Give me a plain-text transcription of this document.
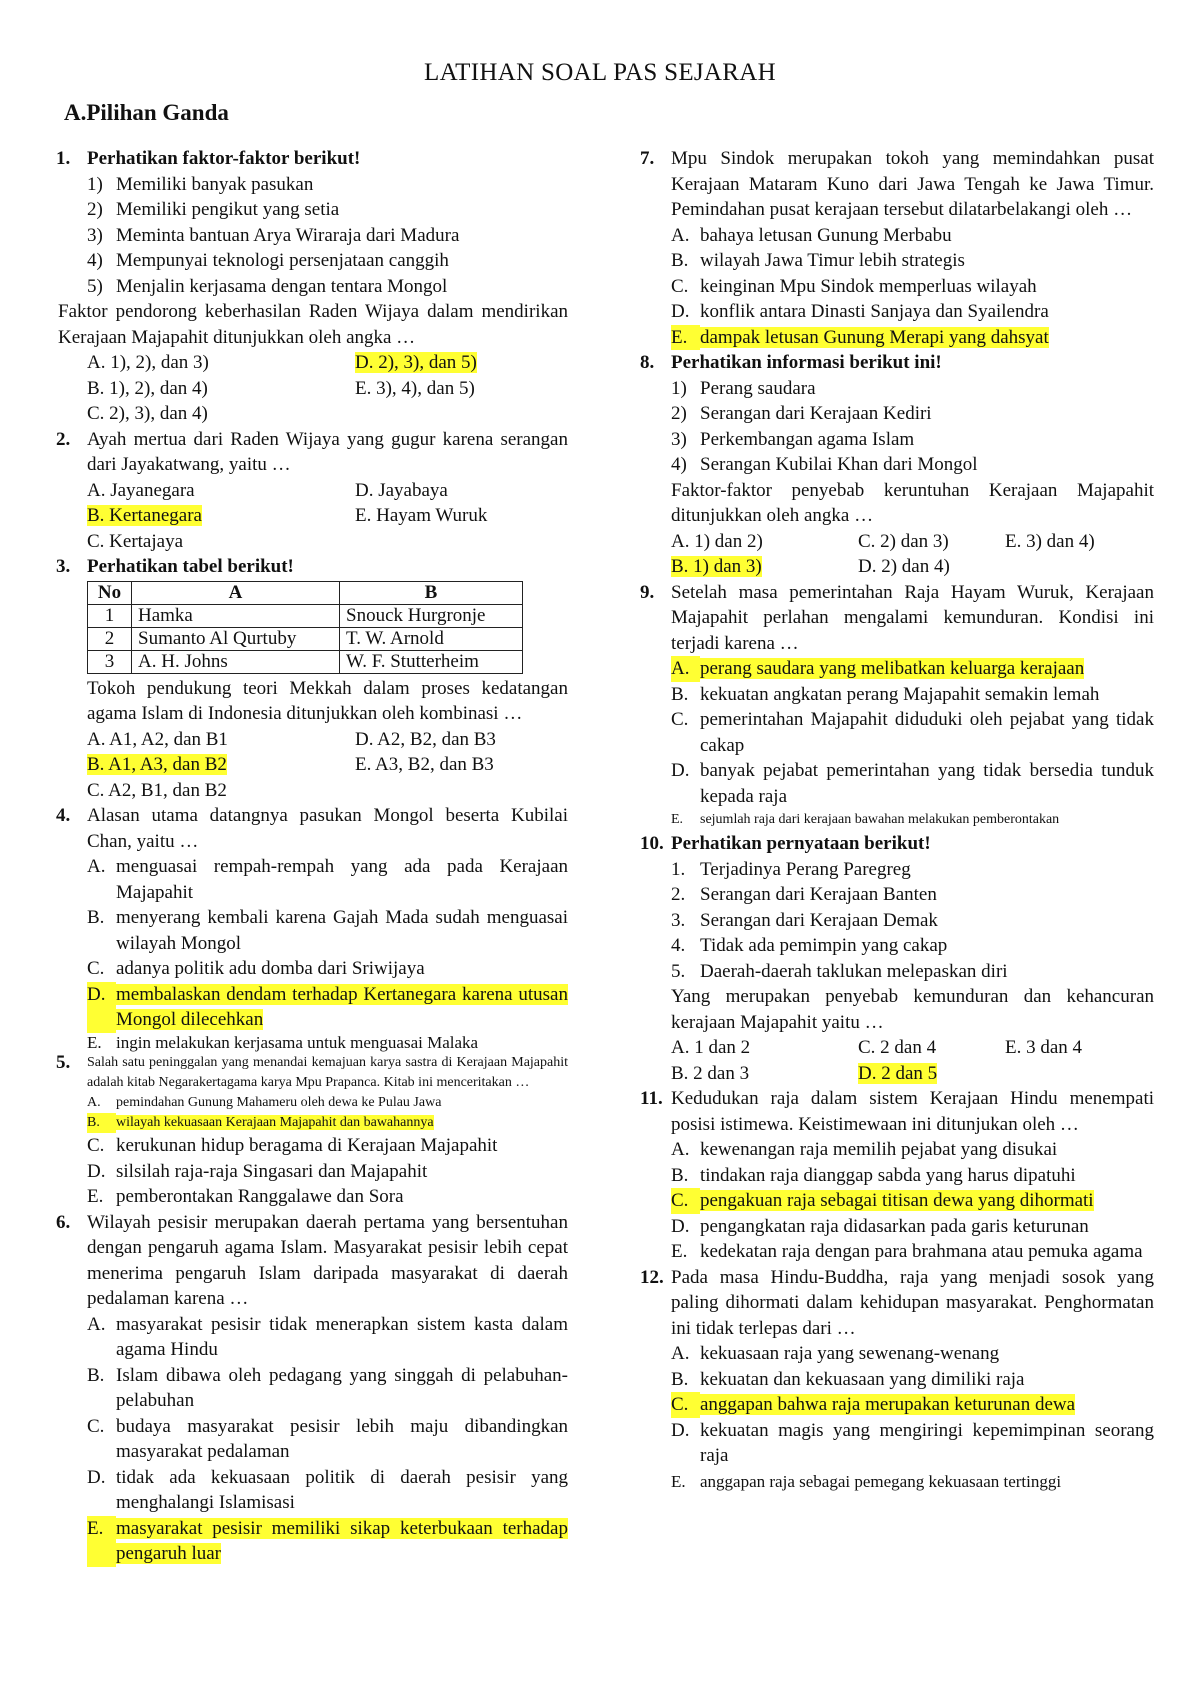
LATIHAN SOAL PAS SEJARAH
A.Pilihan Ganda
1. Perhatikan faktor-faktor berikut!
1) Memiliki banyak pasukan
2) Memiliki pengikut yang setia
3) Meminta bantuan Arya Wiraraja dari Madura
4) Mempunyai teknologi persenjataan canggih
5) Menjalin kerjasama dengan tentara Mongol
Faktor pendorong keberhasilan Raden Wijaya dalam mendirikan Kerajaan Majapahit ditunjukkan oleh angka …
A. 1), 2), dan 3)	D. 2), 3), dan 5)
B. 1), 2), dan 4)	E. 3), 4), dan 5)
C. 2), 3), dan 4)
2. Ayah mertua dari Raden Wijaya yang gugur karena serangan dari Jayakatwang, yaitu …
A. Jayanegara	D. Jayabaya
B. Kertanegara	E. Hayam Wuruk
C. Kertajaya
3. Perhatikan tabel berikut!
No	A	B
1	Hamka	Snouck Hurgronje
2	Sumanto Al Qurtuby	T. W. Arnold
3	A. H. Johns	W. F. Stutterheim
Tokoh pendukung teori Mekkah dalam proses kedatangan agama Islam di Indonesia ditunjukkan oleh kombinasi …
A. A1, A2, dan B1	D. A2, B2, dan B3
B. A1, A3, dan B2	E. A3, B2, dan B3
C. A2, B1, dan B2
4. Alasan utama datangnya pasukan Mongol beserta Kubilai Chan, yaitu …
A. menguasai rempah-rempah yang ada pada Kerajaan Majapahit
B. menyerang kembali karena Gajah Mada sudah menguasai wilayah Mongol
C. adanya politik adu domba dari Sriwijaya
D. membalaskan dendam terhadap Kertanegara karena utusan Mongol dilecehkan
E. ingin melakukan kerjasama untuk menguasai Malaka
5.	Salah satu peninggalan yang menandai kemajuan karya sastra di Kerajaan Majapahit adalah kitab Negarakertagama karya Mpu Prapanca. Kitab ini menceritakan …
A.	pemindahan Gunung Mahameru oleh dewa ke Pulau Jawa
B.	wilayah kekuasaan Kerajaan Majapahit dan bawahannya
C. kerukunan hidup beragama di Kerajaan Majapahit
D. silsilah raja-raja Singasari dan Majapahit
E. pemberontakan Ranggalawe dan Sora
6. Wilayah pesisir merupakan daerah pertama yang bersentuhan dengan pengaruh agama Islam. Masyarakat pesisir lebih cepat menerima pengaruh Islam daripada masyarakat di daerah pedalaman karena …
A. masyarakat pesisir tidak menerapkan sistem kasta dalam agama Hindu
B. Islam dibawa oleh pedagang yang singgah di pelabuhan-pelabuhan
C. budaya masyarakat pesisir lebih maju dibandingkan masyarakat pedalaman
D. tidak ada kekuasaan politik di daerah pesisir yang menghalangi Islamisasi
E. masyarakat pesisir memiliki sikap keterbukaan terhadap pengaruh luar
7. Mpu Sindok merupakan tokoh yang memindahkan pusat Kerajaan Mataram Kuno dari Jawa Tengah ke Jawa Timur. Pemindahan pusat kerajaan tersebut dilatarbelakangi oleh …
A. bahaya letusan Gunung Merbabu
B. wilayah Jawa Timur lebih strategis
C. keinginan Mpu Sindok memperluas wilayah
D. konflik antara Dinasti Sanjaya dan Syailendra
E. dampak letusan Gunung Merapi yang dahsyat
8. Perhatikan informasi berikut ini!
1) Perang saudara
2) Serangan dari Kerajaan Kediri
3) Perkembangan agama Islam
4) Serangan Kubilai Khan dari Mongol
Faktor-faktor penyebab keruntuhan Kerajaan Majapahit ditunjukkan oleh angka …
A. 1) dan 2)	C. 2) dan 3)	E. 3) dan 4)
B. 1) dan 3)	D. 2) dan 4)
9. Setelah masa pemerintahan Raja Hayam Wuruk, Kerajaan Majapahit perlahan mengalami kemunduran. Kondisi ini terjadi karena …
A. perang saudara yang melibatkan keluarga kerajaan
B. kekuatan angkatan perang Majapahit semakin lemah
C. pemerintahan Majapahit diduduki oleh pejabat yang tidak cakap
D. banyak pejabat pemerintahan yang tidak bersedia tunduk kepada raja
E.	sejumlah raja dari kerajaan bawahan melakukan pemberontakan
10. Perhatikan pernyataan berikut!
1. Terjadinya Perang Paregreg
2. Serangan dari Kerajaan Banten
3. Serangan dari Kerajaan Demak
4. Tidak ada pemimpin yang cakap
5. Daerah-daerah taklukan melepaskan diri
Yang merupakan penyebab kemunduran dan kehancuran kerajaan Majapahit yaitu …
A. 1 dan 2	C. 2 dan 4	E. 3 dan 4
B. 2 dan 3	D. 2 dan 5
11. Kedudukan raja dalam sistem Kerajaan Hindu menempati posisi istimewa. Keistimewaan ini ditunjukan oleh …
A. kewenangan raja memilih pejabat yang disukai
B. tindakan raja dianggap sabda yang harus dipatuhi
C. pengakuan raja sebagai titisan dewa yang dihormati
D. pengangkatan raja didasarkan pada garis keturunan
E. kedekatan raja dengan para brahmana atau pemuka agama
12. Pada masa Hindu-Buddha, raja yang menjadi sosok yang paling dihormati dalam kehidupan masyarakat. Penghormatan ini tidak terlepas dari …
A. kekuasaan raja yang sewenang-wenang
B. kekuatan dan kekuasaan yang dimiliki raja
C. anggapan bahwa raja merupakan keturunan dewa
D. kekuatan magis yang mengiringi kepemimpinan seorang raja
E. anggapan raja sebagai pemegang kekuasaan tertinggi
